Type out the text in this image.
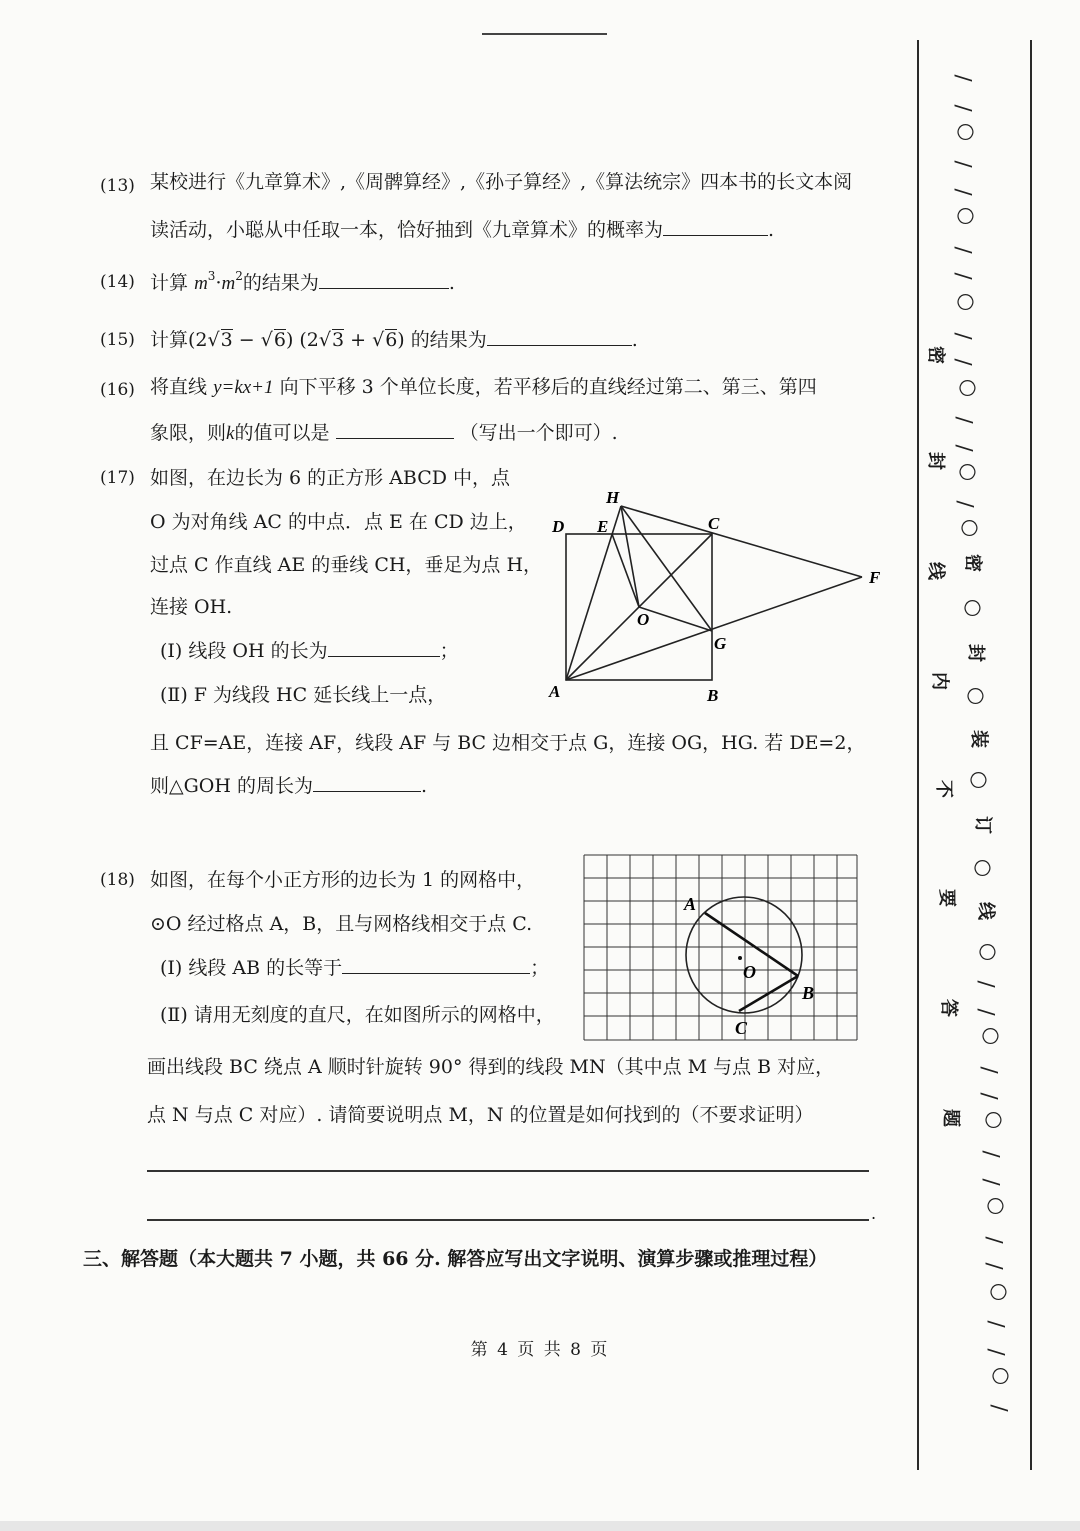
(13) 某校进行《九章算术》,《周髀算经》,《孙子算经》,《算法统宗》四本书的长文本阅
读活动，小聪从中任取一本，恰好抽到《九章算术》的概率为	.
(14) 计算 $m^3\cdot m^2$的结果为	.
(15) 计算(2√3 − √6) (2√3 + √6) 的结果为	.
(16) 将直线 y=kx+1 向下平移 3 个单位长度，若平移后的直线经过第二、第三、第四
象限，则k的值可以是	（写出一个即可）.
(17) 如图，在边长为 6 的正方形 ABCD 中，点
O 为对角线 AC 的中点．点 E 在 CD 边上，
过点 C 作直线 AE 的垂线 CH，垂足为点 H，
连接 OH.
(Ⅰ) 线段 OH 的长为	；
(Ⅱ) F 为线段 HC 延长线上一点，
且 CF=AE，连接 AF，线段 AF 与 BC 边相交于点 G，连接 OG，HG. 若 DE=2，
则△GOH 的周长为	.
H
D E	C
F
O
G
A	B
(18) 如图，在每个小正方形的边长为 1 的网格中，
⊙O 经过格点 A，B，且与网格线相交于点 C.
(Ⅰ) 线段 AB 的长等于	；
(Ⅱ) 请用无刻度的直尺，在如图所示的网格中，
画出线段 BC 绕点 A 顺时针旋转 90° 得到的线段 MN（其中点 M 与点 B 对应，
点 N 与点 C 对应）. 请简要说明点 M，N 的位置是如何找到的（不要求证明）
.
A
O
B
C
三、解答题（本大题共 7 小题，共 66 分. 解答应写出文字说明、演算步骤或推理过程）
第 4 页 共 8 页
密
封
线
内
不
要
答
题
/
/
○
/
/
○
/
/
○
/
/
○
/
/
○
/
○
密
○
封
○
装
○
订
○
线
○
/
/
○
/
/
○
/
/
○
/
/
○
/
/
○
/
